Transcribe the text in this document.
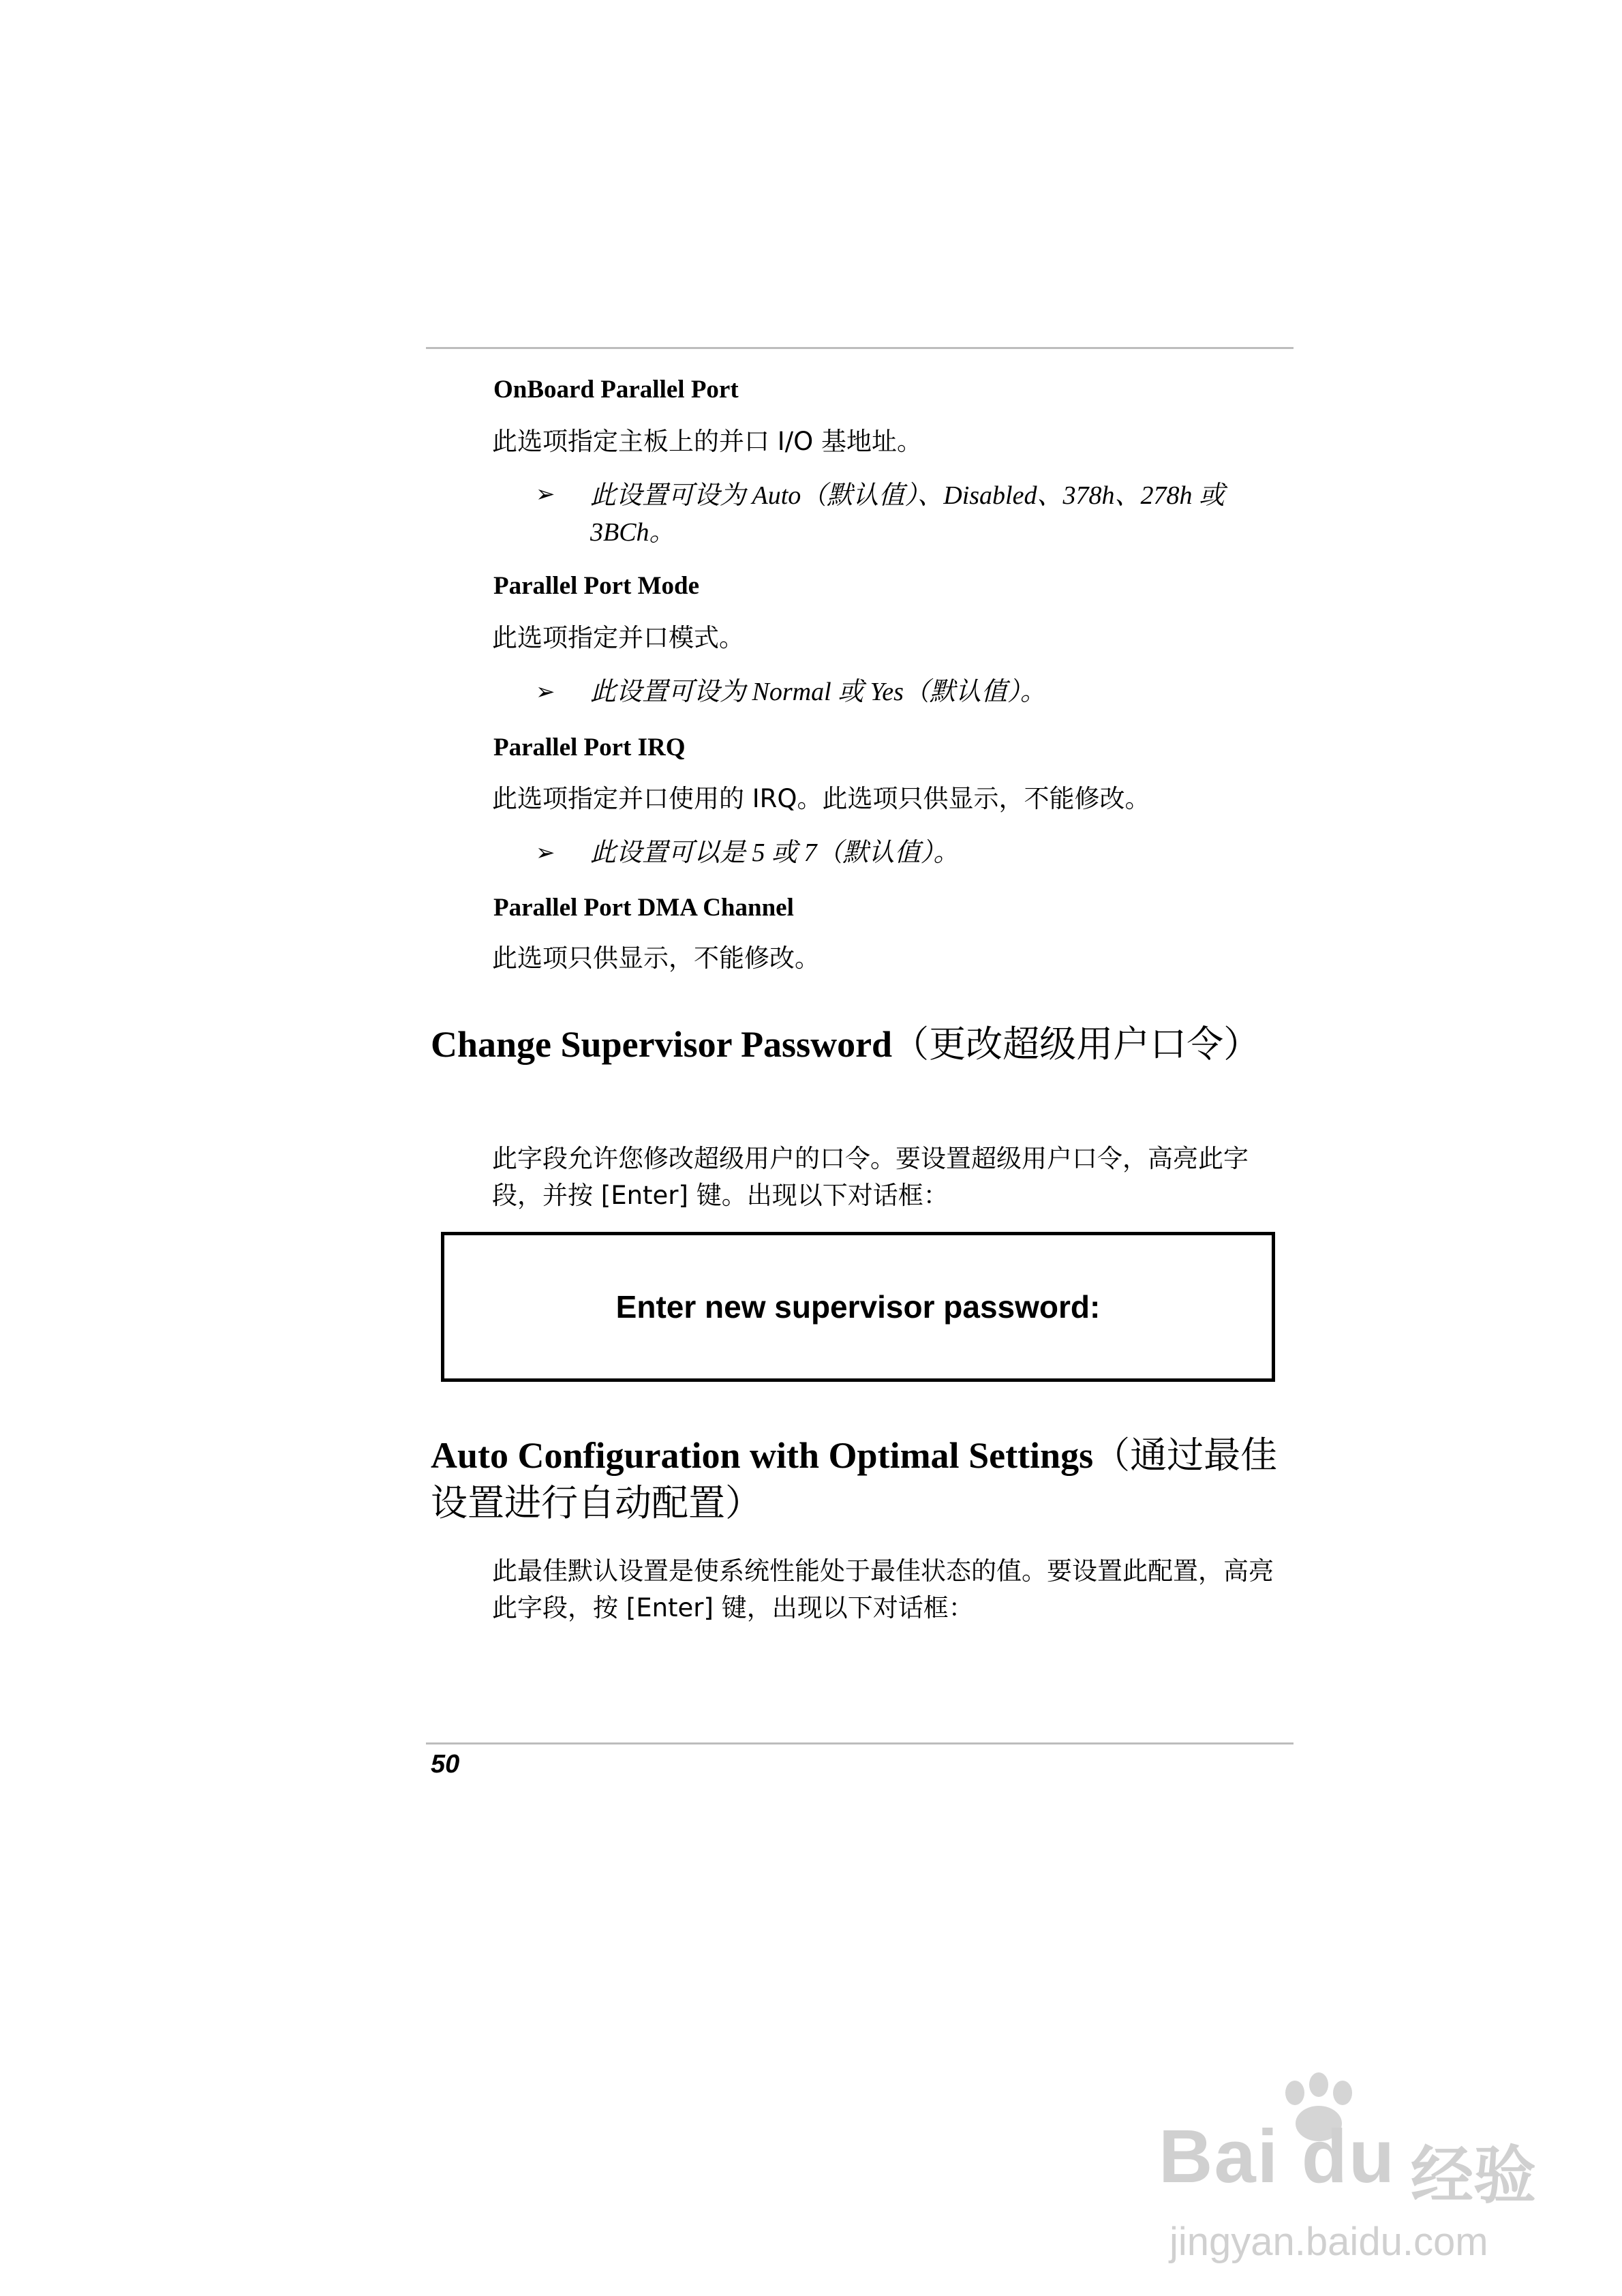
OnBoard Parallel Port
此选项指定主板上的并口 I/O 基地址。
➢ 此设置可设为 Auto（默认值）、Disabled、378h、278h 或 3BCh。
Parallel Port Mode
此选项指定并口模式。
➢ 此设置可设为 Normal 或 Yes（默认值）。
Parallel Port IRQ
此选项指定并口使用的 IRQ。此选项只供显示，不能修改。
➢ 此设置可以是 5 或 7（默认值）。
Parallel Port DMA Channel
此选项只供显示，不能修改。
Change Supervisor Password（更改超级用户口令）
此字段允许您修改超级用户的口令。要设置超级用户口令，高亮此字段，并按 [Enter] 键。出现以下对话框：
Enter new supervisor password:
Auto Configuration with Optimal Settings（通过最佳设置进行自动配置）
此最佳默认设置是使系统性能处于最佳状态的值。要设置此配置，高亮此字段，按 [Enter] 键，出现以下对话框：
50
Bai du 经验
jingyan.baidu.com
